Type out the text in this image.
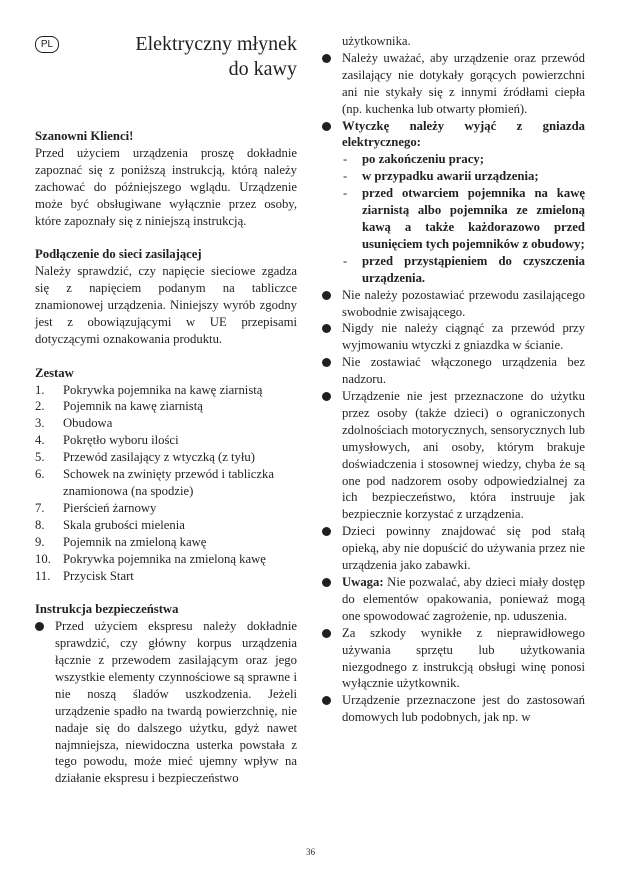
PL	Elektryczny młynek
do kawy

Szanowni Klienci!

Przed użyciem urządzenia proszę dokładnie zapoznać się z poniższą instrukcją, którą należy zachować do późniejszego wglądu. Urządzenie może być obsługiwane wyłącznie przez osoby, które zapoznały się z niniejszą instrukcją.

Podłączenie do sieci zasilającej

Należy sprawdzić, czy napięcie sieciowe zgadza się z napięciem podanym na tabliczce znamionowej urządzenia. Niniejszy wyrób zgodny jest z obowiązującymi w UE przepisami dotyczącymi oznakowania produktu.

Zestaw

1. Pokrywka pojemnika na kawę ziarnistą
2. Pojemnik na kawę ziarnistą
3. Obudowa
4. Pokrętło wyboru ilości
5. Przewód zasilający z wtyczką (z tyłu)
6. Schowek na zwinięty przewód i tabliczka znamionowa (na spodzie)
7. Pierścień żarnowy
8. Skala grubości mielenia
9. Pojemnik na zmieloną kawę
10. Pokrywka pojemnika na zmieloną kawę
11. Przycisk Start

Instrukcja bezpieczeństwa

Przed użyciem ekspresu należy dokładnie sprawdzić, czy główny korpus urządzenia łącznie z przewodem zasilającym oraz jego wszystkie elementy czynnościowe są sprawne i nie noszą śladów uszkodzenia. Jeżeli urządzenie spadło na twardą powierzchnię, nie nadaje się do dalszego użytku, gdyż nawet najmniejsza, niewidoczna usterka powstała z tego powodu, może mieć ujemny wpływ na działanie ekspresu i bezpieczeństwo
użytkownika.
Należy uważać, aby urządzenie oraz przewód zasilający nie dotykały gorących powierzchni ani nie stykały się z innymi źródłami ciepła (np. kuchenka lub otwarty płomień).
Wtyczkę należy wyjąć z gniazda elektrycznego:
- po zakończeniu pracy;
- w przypadku awarii urządzenia;
- przed otwarciem pojemnika na kawę ziarnistą albo pojemnika ze zmieloną kawą a także każdorazowo przed usunięciem tych pojemników z obudowy;
- przed przystąpieniem do czyszczenia urządzenia.
Nie należy pozostawiać przewodu zasilającego swobodnie zwisającego.
Nigdy nie należy ciągnąć za przewód przy wyjmowaniu wtyczki z gniazdka w ścianie.
Nie zostawiać włączonego urządzenia bez nadzoru.
Urządzenie nie jest przeznaczone do użytku przez osoby (także dzieci) o ograniczonych zdolnościach motorycznych, sensorycznych lub umysłowych, ani osoby, którym brakuje doświadczenia i stosownej wiedzy, chyba że są one pod nadzorem osoby odpowiedzialnej za ich bezpieczeństwo, która instruuje jak bezpiecznie korzystać z urządzenia.
Dzieci powinny znajdować się pod stałą opieką, aby nie dopuścić do używania przez nie urządzenia jako zabawki.
Uwaga: Nie pozwalać, aby dzieci miały dostęp do elementów opakowania, ponieważ mogą one spowodować zagrożenie, np. uduszenia.
Za szkody wynikłe z nieprawidłowego używania sprzętu lub użytkowania niezgodnego z instrukcją obsługi winę ponosi wyłącznie użytkownik.
Urządzenie przeznaczone jest do zastosowań domowych lub podobnych, jak np. w
36
